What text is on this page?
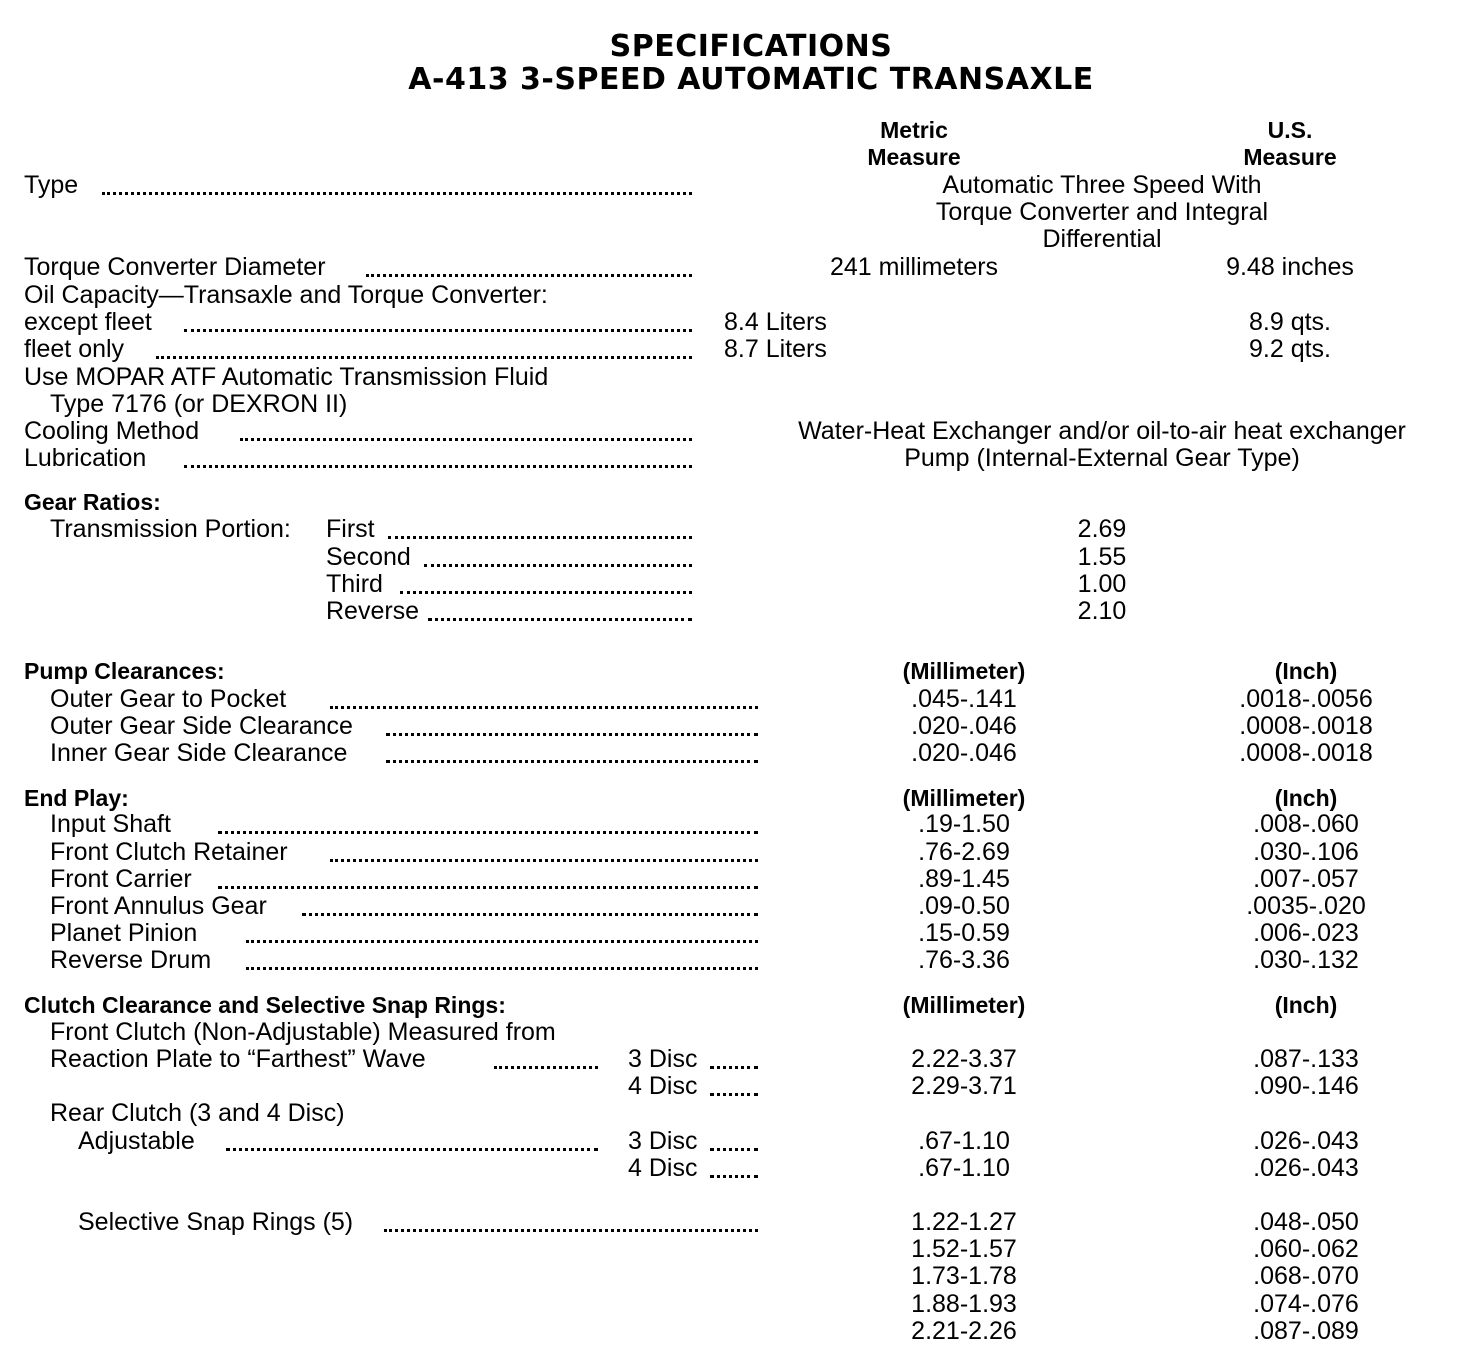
SPECIFICATIONS
A-413 3-SPEED AUTOMATIC TRANSAXLE
Metric
Measure
U.S.
Measure
Type	Automatic Three Speed With
Torque Converter and Integral
Differential
Torque Converter Diameter	241 millimeters	9.48 inches
Oil Capacity—Transaxle and Torque Converter:
except fleet	8.4 Liters	8.9 qts.
fleet only	8.7 Liters	9.2 qts.
Use MOPAR ATF Automatic Transmission Fluid
Type 7176 (or DEXRON II)
Cooling Method	Water-Heat Exchanger and/or oil-to-air heat exchanger
Lubrication	Pump (Internal-External Gear Type)
Gear Ratios:
Transmission Portion: First	2.69
Second	1.55
Third	1.00
Reverse	2.10
Pump Clearances:	(Millimeter)	(Inch)
Outer Gear to Pocket	.045-.141	.0018-.0056
Outer Gear Side Clearance	.020-.046	.0008-.0018
Inner Gear Side Clearance	.020-.046	.0008-.0018
End Play:	(Millimeter)	(Inch)
Input Shaft	.19-1.50	.008-.060
Front Clutch Retainer	.76-2.69	.030-.106
Front Carrier	.89-1.45	.007-.057
Front Annulus Gear	.09-0.50	.0035-.020
Planet Pinion	.15-0.59	.006-.023
Reverse Drum	.76-3.36	.030-.132
Clutch Clearance and Selective Snap Rings:	(Millimeter)	(Inch)
Front Clutch (Non-Adjustable) Measured from
Reaction Plate to “Farthest” Wave	3 Disc	2.22-3.37	.087-.133
4 Disc	2.29-3.71	.090-.146
Rear Clutch (3 and 4 Disc)
Adjustable	3 Disc	.67-1.10	.026-.043
4 Disc	.67-1.10	.026-.043
Selective Snap Rings (5)	1.22-1.27	.048-.050
1.52-1.57	.060-.062
1.73-1.78	.068-.070
1.88-1.93	.074-.076
2.21-2.26	.087-.089
